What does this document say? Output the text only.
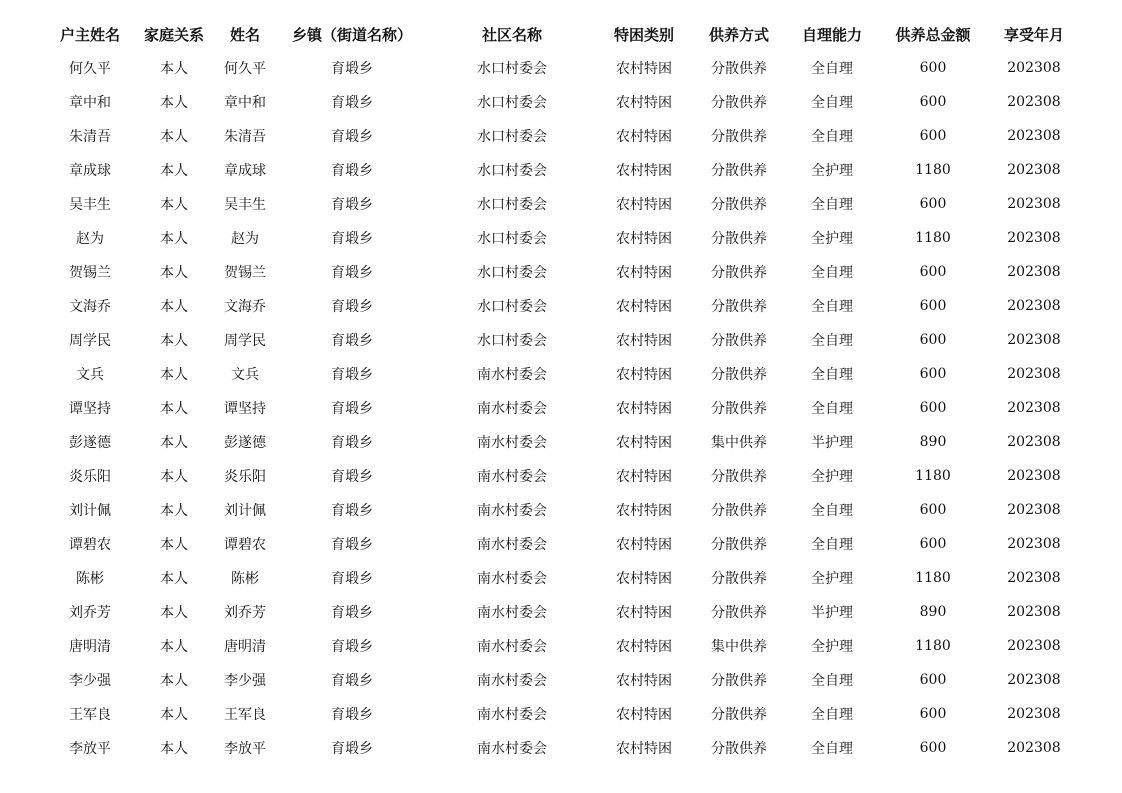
户主姓名	家庭关系	姓名	乡镇（街道名称）	社区名称	特困类别	供养方式	自理能力	供养总金额	享受年月
何久平	本人	何久平	育塅乡	水口村委会	农村特困	分散供养	全自理	600	202308
章中和	本人	章中和	育塅乡	水口村委会	农村特困	分散供养	全自理	600	202308
朱清吾	本人	朱清吾	育塅乡	水口村委会	农村特困	分散供养	全自理	600	202308
章成球	本人	章成球	育塅乡	水口村委会	农村特困	分散供养	全护理	1180	202308
吴丰生	本人	吴丰生	育塅乡	水口村委会	农村特困	分散供养	全自理	600	202308
赵为	本人	赵为	育塅乡	水口村委会	农村特困	分散供养	全护理	1180	202308
贺锡兰	本人	贺锡兰	育塅乡	水口村委会	农村特困	分散供养	全自理	600	202308
文海乔	本人	文海乔	育塅乡	水口村委会	农村特困	分散供养	全自理	600	202308
周学民	本人	周学民	育塅乡	水口村委会	农村特困	分散供养	全自理	600	202308
文兵	本人	文兵	育塅乡	南水村委会	农村特困	分散供养	全自理	600	202308
谭坚持	本人	谭坚持	育塅乡	南水村委会	农村特困	分散供养	全自理	600	202308
彭遂德	本人	彭遂德	育塅乡	南水村委会	农村特困	集中供养	半护理	890	202308
炎乐阳	本人	炎乐阳	育塅乡	南水村委会	农村特困	分散供养	全护理	1180	202308
刘计佩	本人	刘计佩	育塅乡	南水村委会	农村特困	分散供养	全自理	600	202308
谭碧农	本人	谭碧农	育塅乡	南水村委会	农村特困	分散供养	全自理	600	202308
陈彬	本人	陈彬	育塅乡	南水村委会	农村特困	分散供养	全护理	1180	202308
刘乔芳	本人	刘乔芳	育塅乡	南水村委会	农村特困	分散供养	半护理	890	202308
唐明清	本人	唐明清	育塅乡	南水村委会	农村特困	集中供养	全护理	1180	202308
李少强	本人	李少强	育塅乡	南水村委会	农村特困	分散供养	全自理	600	202308
王军良	本人	王军良	育塅乡	南水村委会	农村特困	分散供养	全自理	600	202308
李放平	本人	李放平	育塅乡	南水村委会	农村特困	分散供养	全自理	600	202308
